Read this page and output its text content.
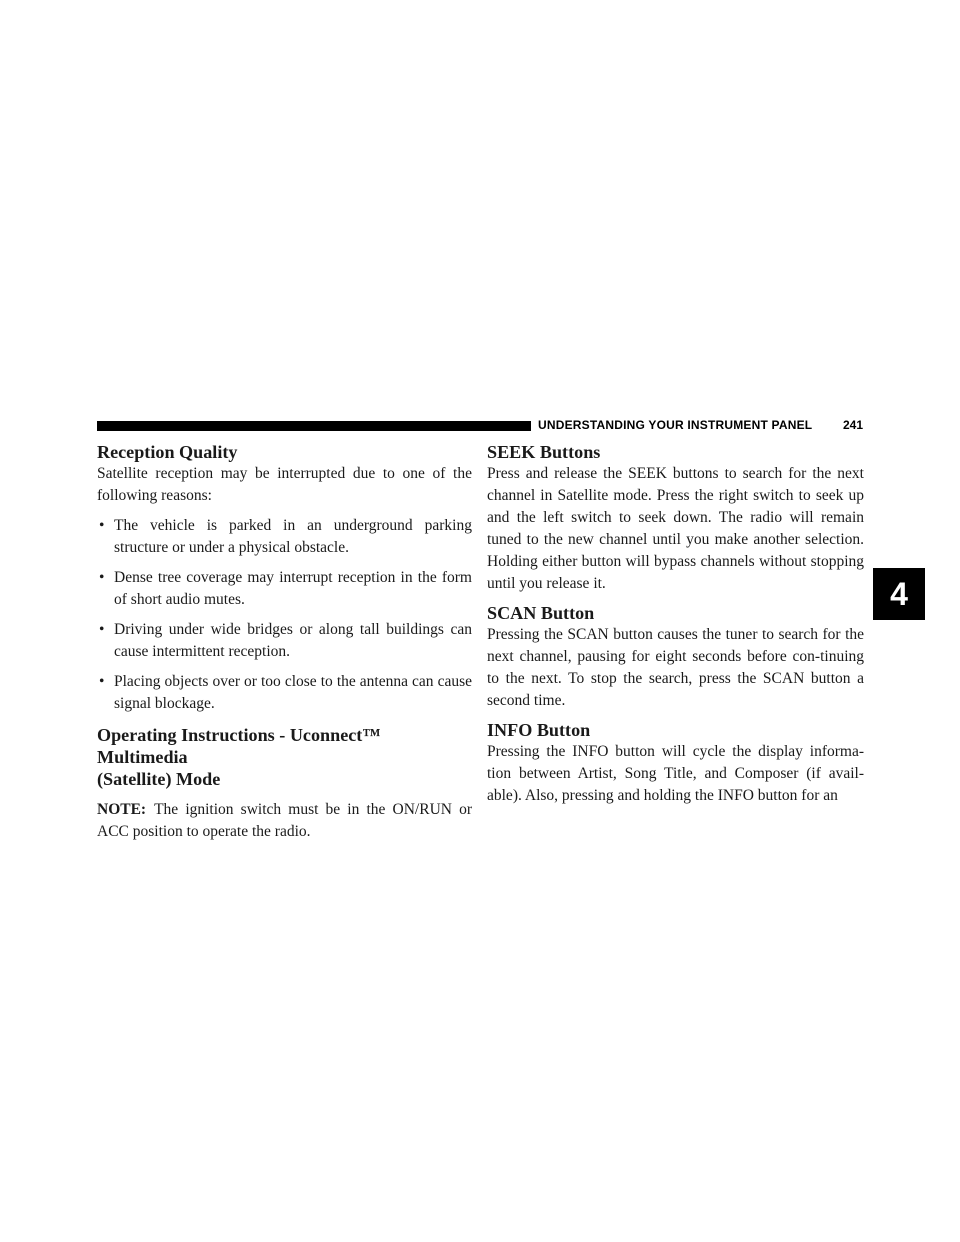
UNDERSTANDING YOUR INSTRUMENT PANEL	241
4
Reception Quality

Satellite reception may be interrupted due to one of the following reasons:

• The vehicle is parked in an underground parking structure or under a physical obstacle.
• Dense tree coverage may interrupt reception in the form of short audio mutes.
• Driving under wide bridges or along tall buildings can cause intermittent reception.
• Placing objects over or too close to the antenna can cause signal blockage.
Operating Instructions - Uconnect™ Multimedia
(Satellite) Mode

NOTE: The ignition switch must be in the ON/RUN or ACC position to operate the radio.

SEEK Buttons

Press and release the SEEK buttons to search for the next channel in Satellite mode. Press the right switch to seek up and the left switch to seek down. The radio will remain tuned to the new channel until you make another selection. Holding either button will bypass channels without stopping until you release it.

SCAN Button

Pressing the SCAN button causes the tuner to search for the next channel, pausing for eight seconds before con-tinuing to the next. To stop the search, press the SCAN button a second time.

INFO Button

Pressing the INFO button will cycle the display informa-tion between Artist, Song Title, and Composer (if avail-able). Also, pressing and holding the INFO button for an
